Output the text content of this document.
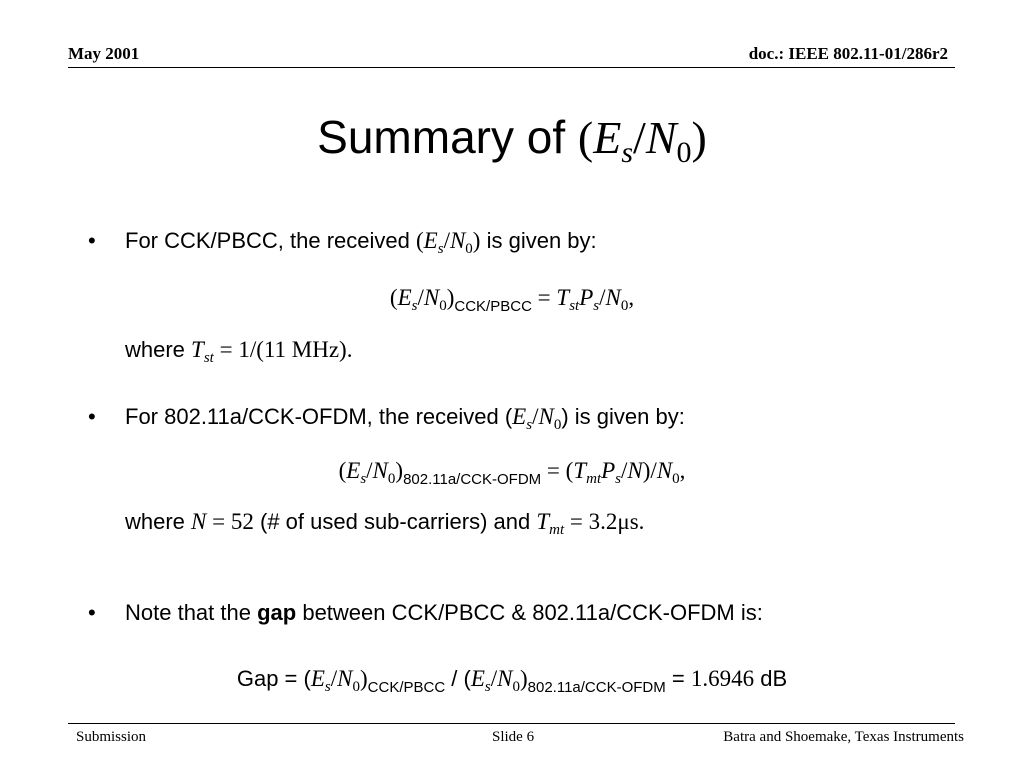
May 2001	doc.: IEEE 802.11-01/286r2
Summary of $(E_s/N_0)$
• For CCK/PBCC, the received $(E_s/N_0)$ is given by:
$(E_s/N_0)_{CCK/PBCC} = T_{st}P_s/N_0$,
where $T_{st} = 1/(11$ MHz).
• For 802.11a/CCK-OFDM, the received $(E_s/N_0)$ is given by:
$(E_s/N_0)_{802.11a/CCK-OFDM} = (T_{mt}P_s/N)/N_0$,
where N = 52 (# of used sub-carriers) and $T_{mt} = 3.2\mu s$.
• Note that the gap between CCK/PBCC & 802.11a/CCK-OFDM is:
Gap = $(E_s/N_0)_{CCK/PBCC} / (E_s/N_0)_{802.11a/CCK-OFDM} = 1.6946$ dB
Submission	Slide 6	Batra and Shoemake, Texas Instruments
